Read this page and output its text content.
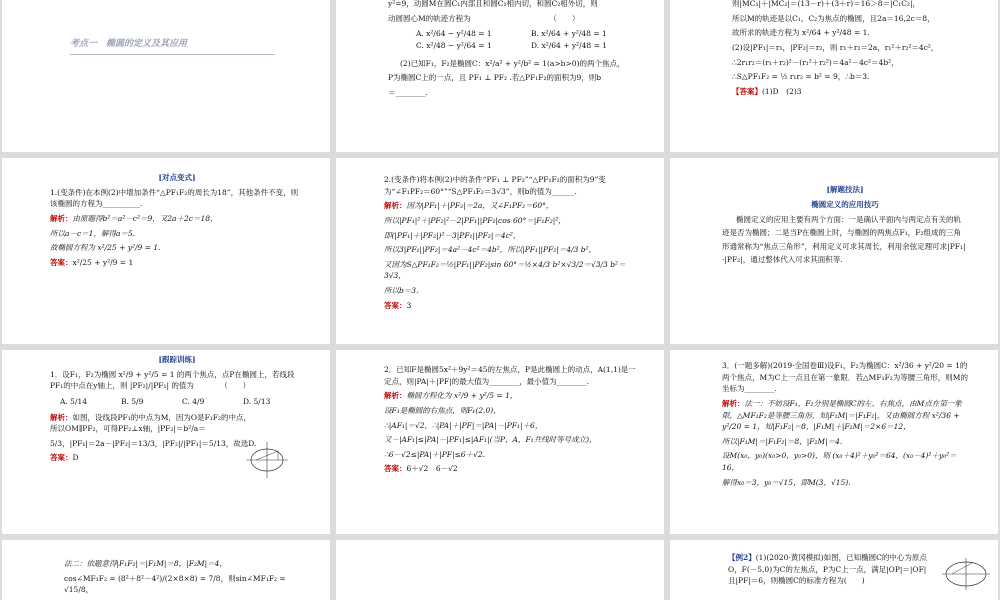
考点一　椭圆的定义及其应用
y²=9，动圆M在圆C₁内部且和圆C₁相内切，和圆C₂相外切，则
动圆圆心M的轨迹方程为　　　　　　　　　　　（　　）
A. x²/64 − y²/48 = 1	B. x²/64 + y²/48 = 1
C. x²/48 − y²/64 = 1	D. x²/64 + y²/48 = 1
(2)已知F₁，F₂是椭圆C：x²/a² + y²/b² = 1(a>b>0)的两个焦点，
P为椭圆C上的一点，且 PF₁ ⊥ PF₂ .若△PF₁F₂的面积为9，则b
＝________.
则|MC₁|＋|MC₂|＝(13－r)＋(3＋r)＝16＞8＝|C₁C₂|，
所以M的轨迹是以C₁，C₂为焦点的椭圆，且2a＝16,2c＝8，
故所求的轨迹方程为 x²/64 + y²/48 = 1.
(2)设|PF₁|＝r₁，|PF₂|＝r₂，则 r₁＋r₂＝2a，r₁²＋r₂²＝4c²，
∴2r₁r₂＝(r₁＋r₂)²－(r₁²＋r₂²)＝4a²－4c²＝4b²，
∴S△PF₁F₂ = ½ r₁r₂ = b² = 9，∴b＝3.
【答案】(1)D　(2)3
[对点变式]
1.(变条件)在本例(2)中增加条件“△PF₁F₂的周长为18”，其他条件不变，则该椭圆的方程为__________.
解析：由原题得b²＝a²－c²＝9，又2a＋2c＝18，
所以a－c＝1，解得a＝5.
故椭圆方程为 x²/25 + y²/9 = 1.
答案：x²/25 + y²/9 = 1
2.(变条件)将本例(2)中的条件“PF₁ ⊥ PF₂”“△PF₁F₂的面积为9”变为“∠F₁PF₂＝60°”“S△PF₁F₂＝3√3”，则b的值为______.
解析：因为|PF₁|＋|PF₂|＝2a，又∠F₁PF₂＝60°，
所以|PF₁|²＋|PF₂|²－2|PF₁||PF₂|cos 60°＝|F₁F₂|²，
即(|PF₁|＋|PF₂|)²－3|PF₁||PF₂|＝4c²，
所以3|PF₁||PF₂|＝4a²－4c²＝4b²，所以|PF₁||PF₂|＝4/3 b²，
又因为S△PF₁F₂＝½|PF₁||PF₂|sin 60°＝½×4/3 b²×√3/2＝√3/3 b²＝3√3，
所以b＝3.
答案：3
[解题技法]
椭圆定义的应用技巧
椭圆定义的应用主要有两个方面：一是确认平面内与两定点有关的轨迹是否为椭圆；二是当P在椭圆上时，与椭圆的两焦点F₁，F₂组成的三角形通常称为“焦点三角形”，利用定义可求其周长，利用余弦定理可求|PF₁|·|PF₂|，通过整体代入可求其面积等.
[跟踪训练]
1．设F₁，F₂为椭圆 x²/9 + y²/5 = 1 的两个焦点，点P在椭圆上，若线段PF₁的中点在y轴上，则 |PF₂|/|PF₁| 的值为　　　　（　　）
A. 5/14	B. 5/9	C. 4/9	D. 5/13
解析：如图，设线段PF₁的中点为M，因为O是F₁F₂的中点，所以OM∥PF₂，可得PF₂⊥x轴，|PF₂|＝b²/a＝
5/3，|PF₁|＝2a－|PF₂|＝13/3，|PF₂|/|PF₁|＝5/13，故选D.
答案：D
2．已知F是椭圆5x²＋9y²＝45的左焦点，P是此椭圆上的动点，A(1,1)是一定点，则|PA|＋|PF|的最大值为________，最小值为________.
解析：椭圆方程化为 x²/9 + y²/5 = 1，
设F₁是椭圆的右焦点，则F₁(2,0)，
∴|AF₁|＝√2，∴|PA|＋|PF|＝|PA|－|PF₁|＋6，
又－|AF₁|≤|PA|－|PF₁|≤|AF₁|(当P，A，F₁共线时等号成立)，
∴6－√2≤|PA|＋|PF|≤6＋√2.
答案：6＋√2　6－√2
3．(一题多解)(2019·全国卷Ⅲ)设F₁，F₂为椭圆C：x²/36 + y²/20 = 1的两个焦点，M为C上一点且在第一象限．若△MF₁F₂为等腰三角形，则M的坐标为________.
解析：法一：不妨设F₁，F₂分别是椭圆C的左、右焦点，由M点在第一象限，△MF₁F₂是等腰三角形，知|F₁M|＝|F₁F₂|，又由椭圆方程 x²/36 + y²/20 = 1，知|F₁F₂|＝8，|F₁M|＋|F₂M|＝2×6＝12，
所以|F₁M|＝|F₁F₂|＝8，|F₂M|＝4.
设M(x₀，y₀)(x₀>0，y₀>0)，则 (x₀＋4)²＋y₀²＝64，(x₀－4)²＋y₀²＝16，
解得x₀＝3，y₀＝√15，即M(3，√15).
法二：依题意得|F₁F₂|＝|F₁M|＝8，|F₂M|＝4，
cos∠MF₁F₂ = (8²＋8²－4²)/(2×8×8) = 7/8，则sin∠MF₁F₂ = √15/8，
【例2】(1)(2020·黄冈模拟)如图，已知椭圆C的中心为原点O，F(－5,0)为C的左焦点，P为C上一点，满足|OP|＝|OF|且|PF|＝6，则椭圆C的标准方程为(　　)
